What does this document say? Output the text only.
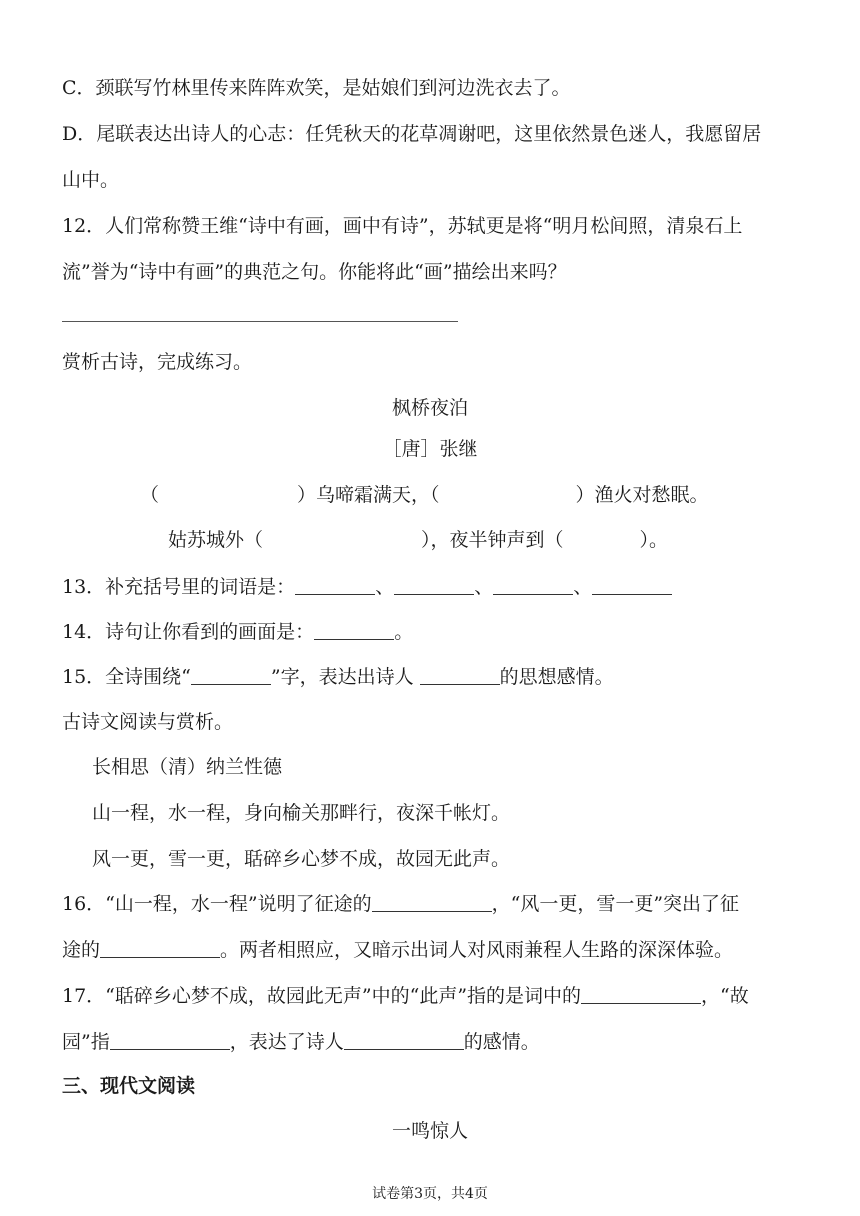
C．颈联写竹林里传来阵阵欢笑，是姑娘们到河边洗衣去了。
D．尾联表达出诗人的心志：任凭秋天的花草凋谢吧，这里依然景色迷人，我愿留居
山中。
12．人们常称赞王维“诗中有画，画中有诗”，苏轼更是将“明月松间照，清泉石上
流”誉为“诗中有画”的典范之句。你能将此“画”描绘出来吗？
赏析古诗，完成练习。
枫桥夜泊
［唐］张继
（	）乌啼霜满天，（	）渔火对愁眠。
姑苏城外（	），夜半钟声到（	）。
13．补充括号里的词语是：	、	、	、
14．诗句让你看到的画面是：	。
15．全诗围绕“	”字，表达出诗人	的思想感情。
古诗文阅读与赏析。
长相思（清）纳兰性德
山一程，水一程，身向榆关那畔行，夜深千帐灯。
风一更，雪一更，聒碎乡心梦不成，故园无此声。
16．“山一程，水一程”说明了征途的	，“风一更，雪一更”突出了征
途的	。两者相照应，又暗示出词人对风雨兼程人生路的深深体验。
17．“聒碎乡心梦不成，故园此无声”中的“此声”指的是词中的	，“故
园”指	，表达了诗人	的感情。
三、现代文阅读
一鸣惊人
试卷第3页，共4页
